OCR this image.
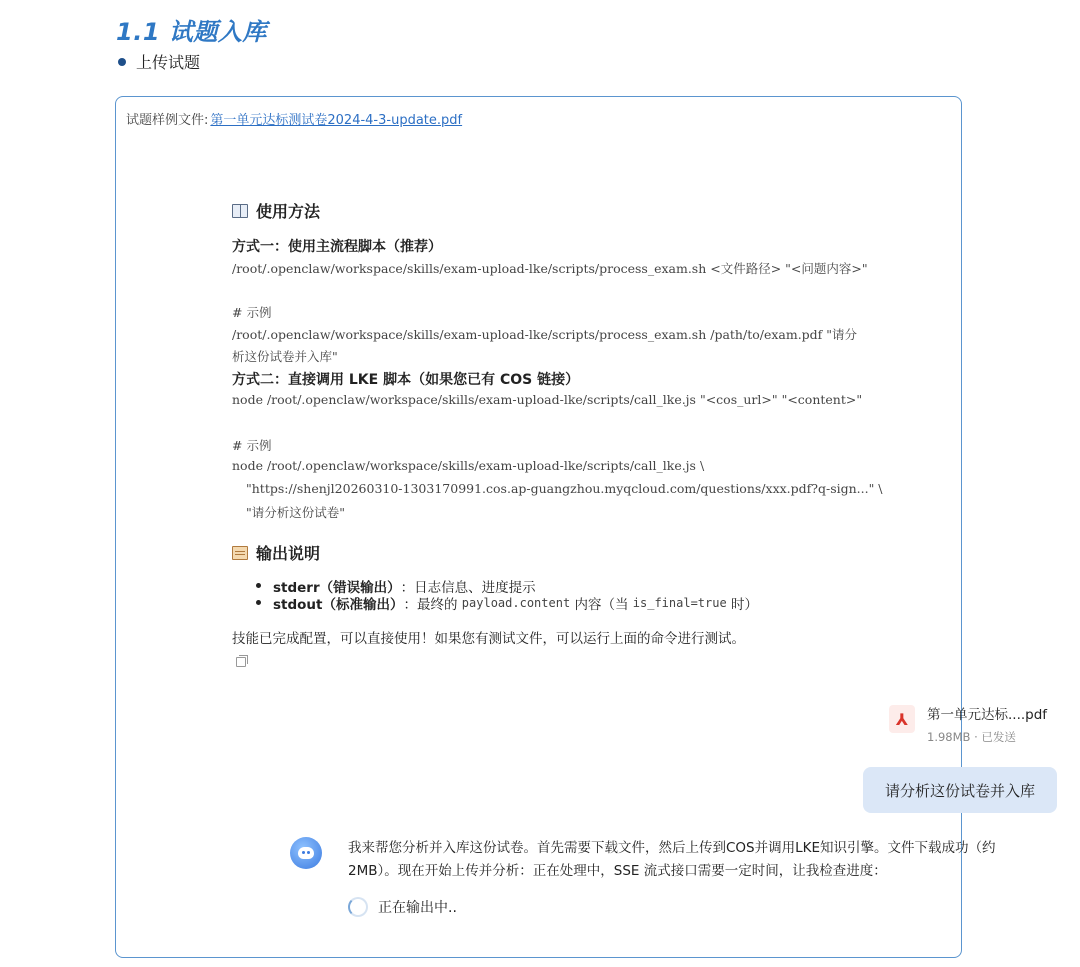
1.1 试题入库
上传试题
试题样例文件: 第一单元达标测试卷2024-4-3-update.pdf
使用方法
方式一：使用主流程脚本（推荐）
/root/.openclaw/workspace/skills/exam-upload-lke/scripts/process_exam.sh <文件路径> "<问题内容>"
# 示例
/root/.openclaw/workspace/skills/exam-upload-lke/scripts/process_exam.sh /path/to/exam.pdf "请分
析这份试卷并入库"
方式二：直接调用 LKE 脚本（如果您已有 COS 链接）
node /root/.openclaw/workspace/skills/exam-upload-lke/scripts/call_lke.js "<cos_url>" "<content>"
# 示例
node /root/.openclaw/workspace/skills/exam-upload-lke/scripts/call_lke.js \
"https://shenjl20260310-1303170991.cos.ap-guangzhou.myqcloud.com/questions/xxx.pdf?q-sign..." \
"请分析这份试卷"
输出说明
stderr（错误输出） ： 日志信息、进度提示
stdout（标准输出） ： 最终的 payload.content 内容（当 is_final=true 时）
技能已完成配置，可以直接使用！如果您有测试文件，可以运行上面的命令进行测试。
⅄	第一单元达标....pdf
1.98MB · 已发送
请分析这份试卷并入库
我来帮您分析并入库这份试卷。首先需要下载文件，然后上传到COS并调用LKE知识引擎。文件下载成功（约2MB）。现在开始上传并分析：正在处理中，SSE 流式接口需要一定时间，让我检查进度：
正在输出中..
